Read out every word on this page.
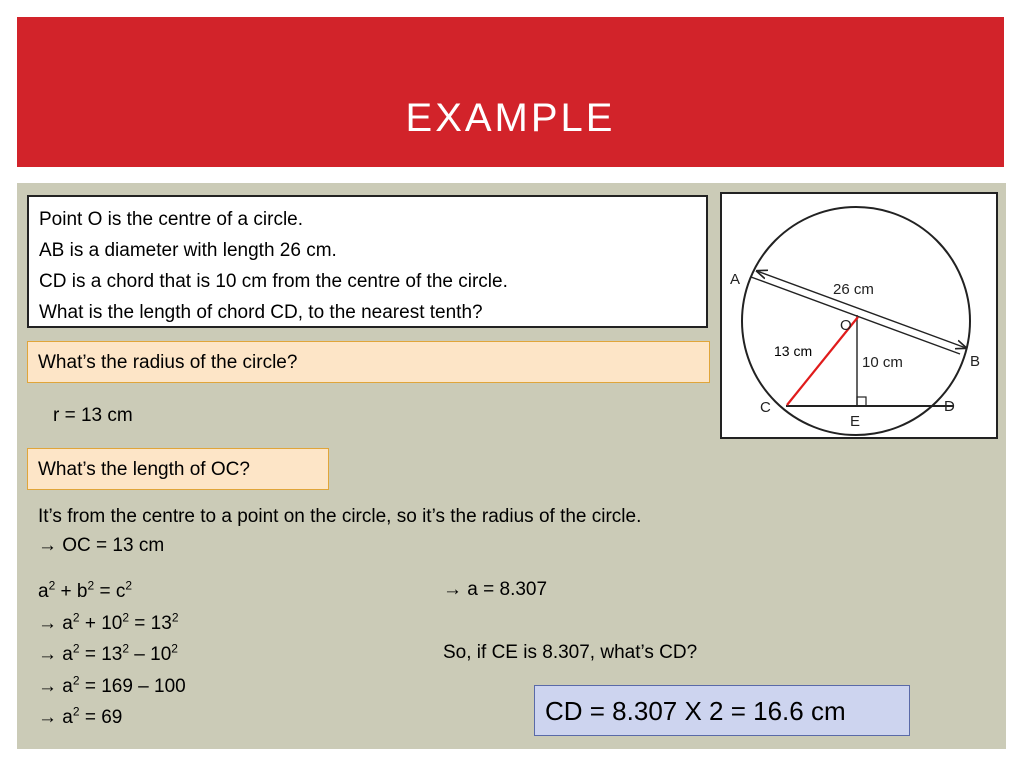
EXAMPLE
Point O is the centre of a circle.
AB is a diameter with length 26 cm.
CD is a chord that is 10 cm from the centre of the circle.
What is the length of chord CD, to the nearest tenth?
What’s the radius of the circle?
r = 13 cm
What’s the length of OC?
It’s from the centre to a point on the circle, so it’s the radius of the circle.
→ OC = 13 cm
$a^2 + b^2 = c^2$
→ $a^2 + 10^2 = 13^2$
→ $a^2 = 13^2 - 10^2$
→ $a^2 = 169 - 100$
→ $a^2 = 69$
→ a = 8.307
So, if CE is 8.307, what’s CD?
CD = 8.307 X 2 = 16.6 cm
A
B
C	D
E
O
26 cm
10 cm
13 cm
